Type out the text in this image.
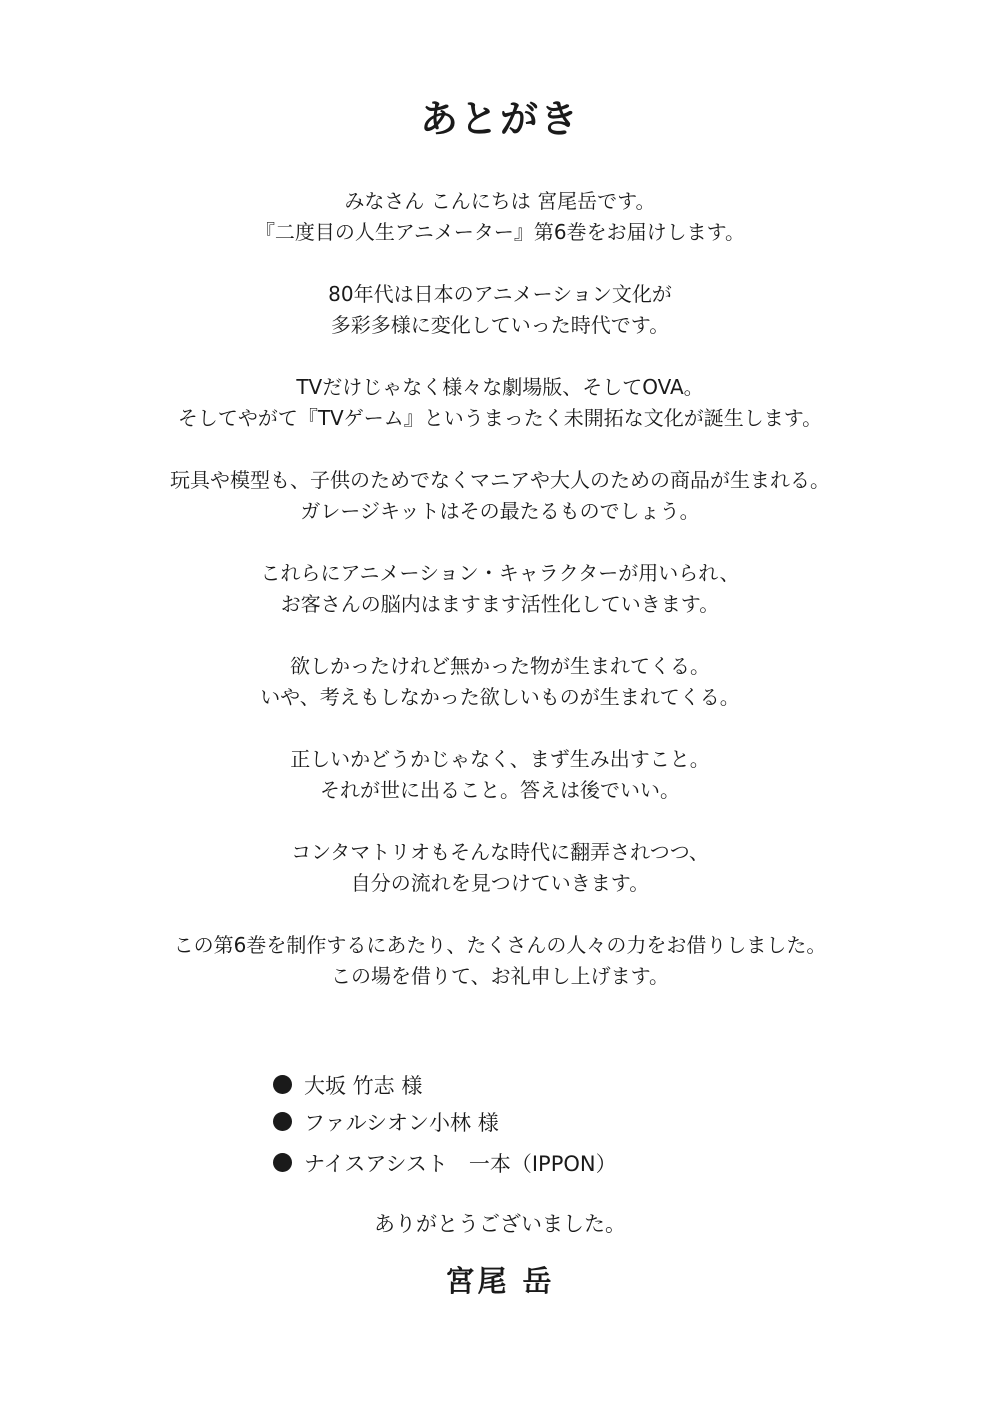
あとがき

みなさん こんにちは 宮尾岳です。
『二度目の人生アニメーター』第6巻をお届けします。

80年代は日本のアニメーション文化が
多彩多様に変化していった時代です。

TVだけじゃなく様々な劇場版、そしてOVA。
そしてやがて『TVゲーム』というまったく未開拓な文化が誕生します。

玩具や模型も、子供のためでなくマニアや大人のための商品が生まれる。
ガレージキットはその最たるものでしょう。

これらにアニメーション・キャラクターが用いられ、
お客さんの脳内はますます活性化していきます。

欲しかったけれど無かった物が生まれてくる。
いや、考えもしなかった欲しいものが生まれてくる。

正しいかどうかじゃなく、まず生み出すこと。
それが世に出ること。答えは後でいい。

コンタマトリオもそんな時代に翻弄されつつ、
自分の流れを見つけていきます。

この第6巻を制作するにあたり、たくさんの人々の力をお借りしました。
この場を借りて、お礼申し上げます。

大坂 竹志 様
ファルシオン小林 様
ナイスアシスト　一本（IPPON）
ありがとうございました。
宮尾 岳
